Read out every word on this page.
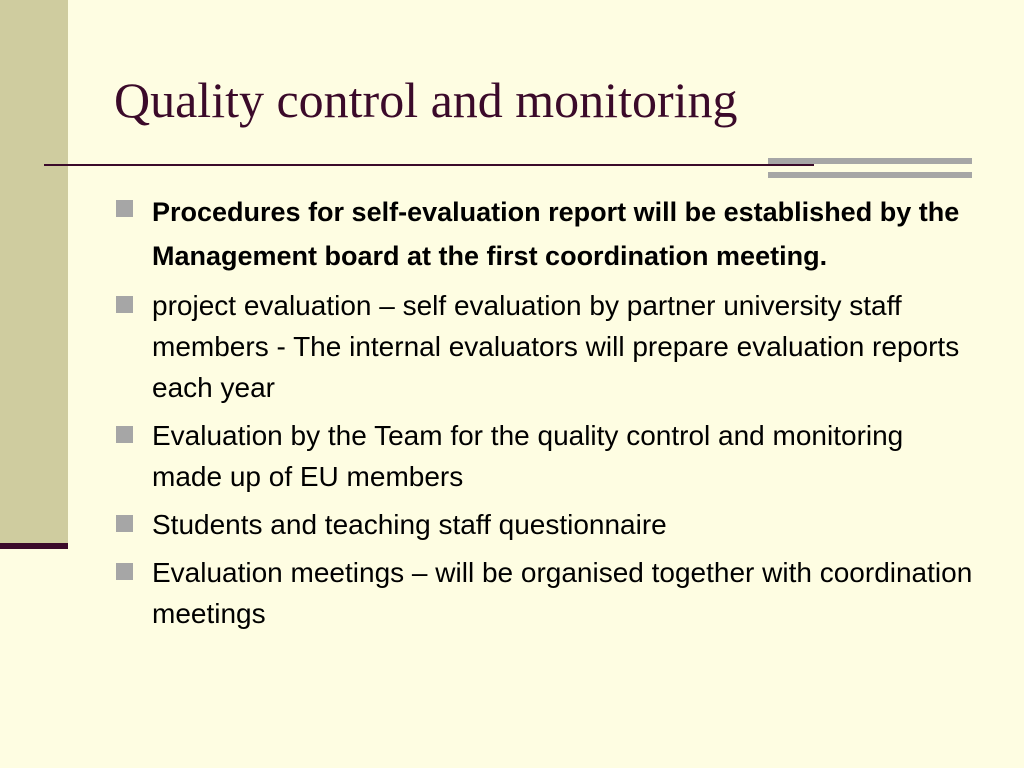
Quality control and monitoring
Procedures for self-evaluation report will be established by the Management board at the first coordination meeting.
project evaluation – self evaluation by partner university staff members - The internal evaluators will prepare evaluation reports each year
Evaluation by the Team for the quality control and monitoring made up of EU members
Students and teaching staff questionnaire
Evaluation meetings – will be organised together with coordination meetings
